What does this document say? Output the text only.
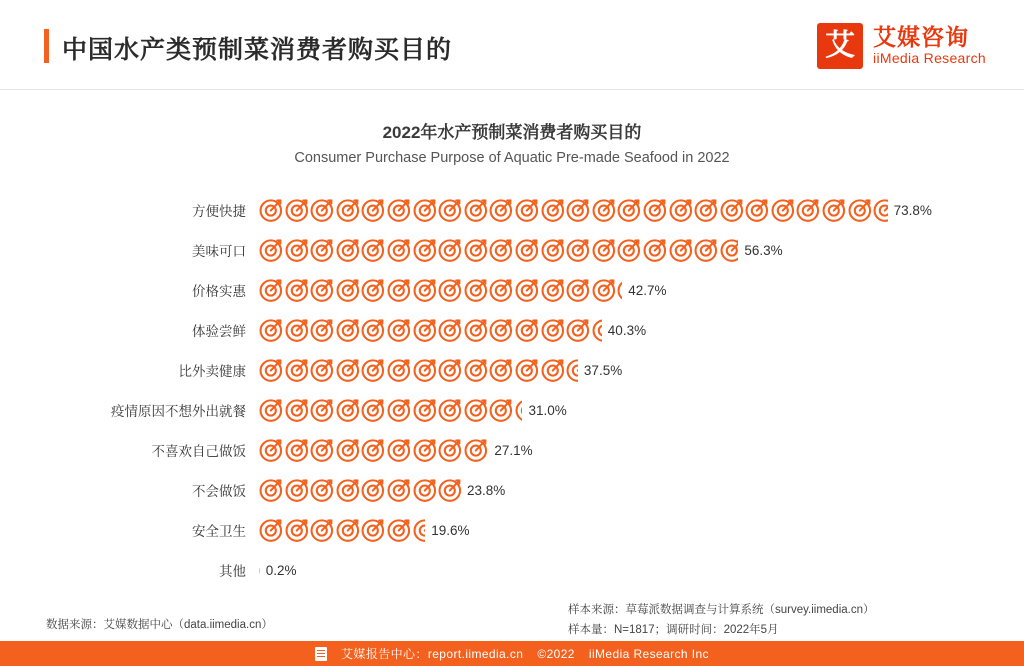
中国水产类预制菜消费者购买目的	艾 艾媒咨询
iiMedia Research
2022年水产预制菜消费者购买目的
Consumer Purchase Purpose of Aquatic Pre-made Seafood in 2022
方便快捷	73.8%
美味可口	56.3%
价格实惠	42.7%
体验尝鲜	40.3%
比外卖健康	37.5%
疫情原因不想外出就餐	31.0%
不喜欢自己做饭	27.1%
不会做饭	23.8%
安全卫生	19.6%
其他	0.2%
数据来源：艾媒数据中心（data.iimedia.cn）
样本来源：草莓派数据调查与计算系统（survey.iimedia.cn）
样本量：N=1817；调研时间：2022年5月
艾媒报告中心：report.iimedia.cn ©2022 iiMedia Research Inc
